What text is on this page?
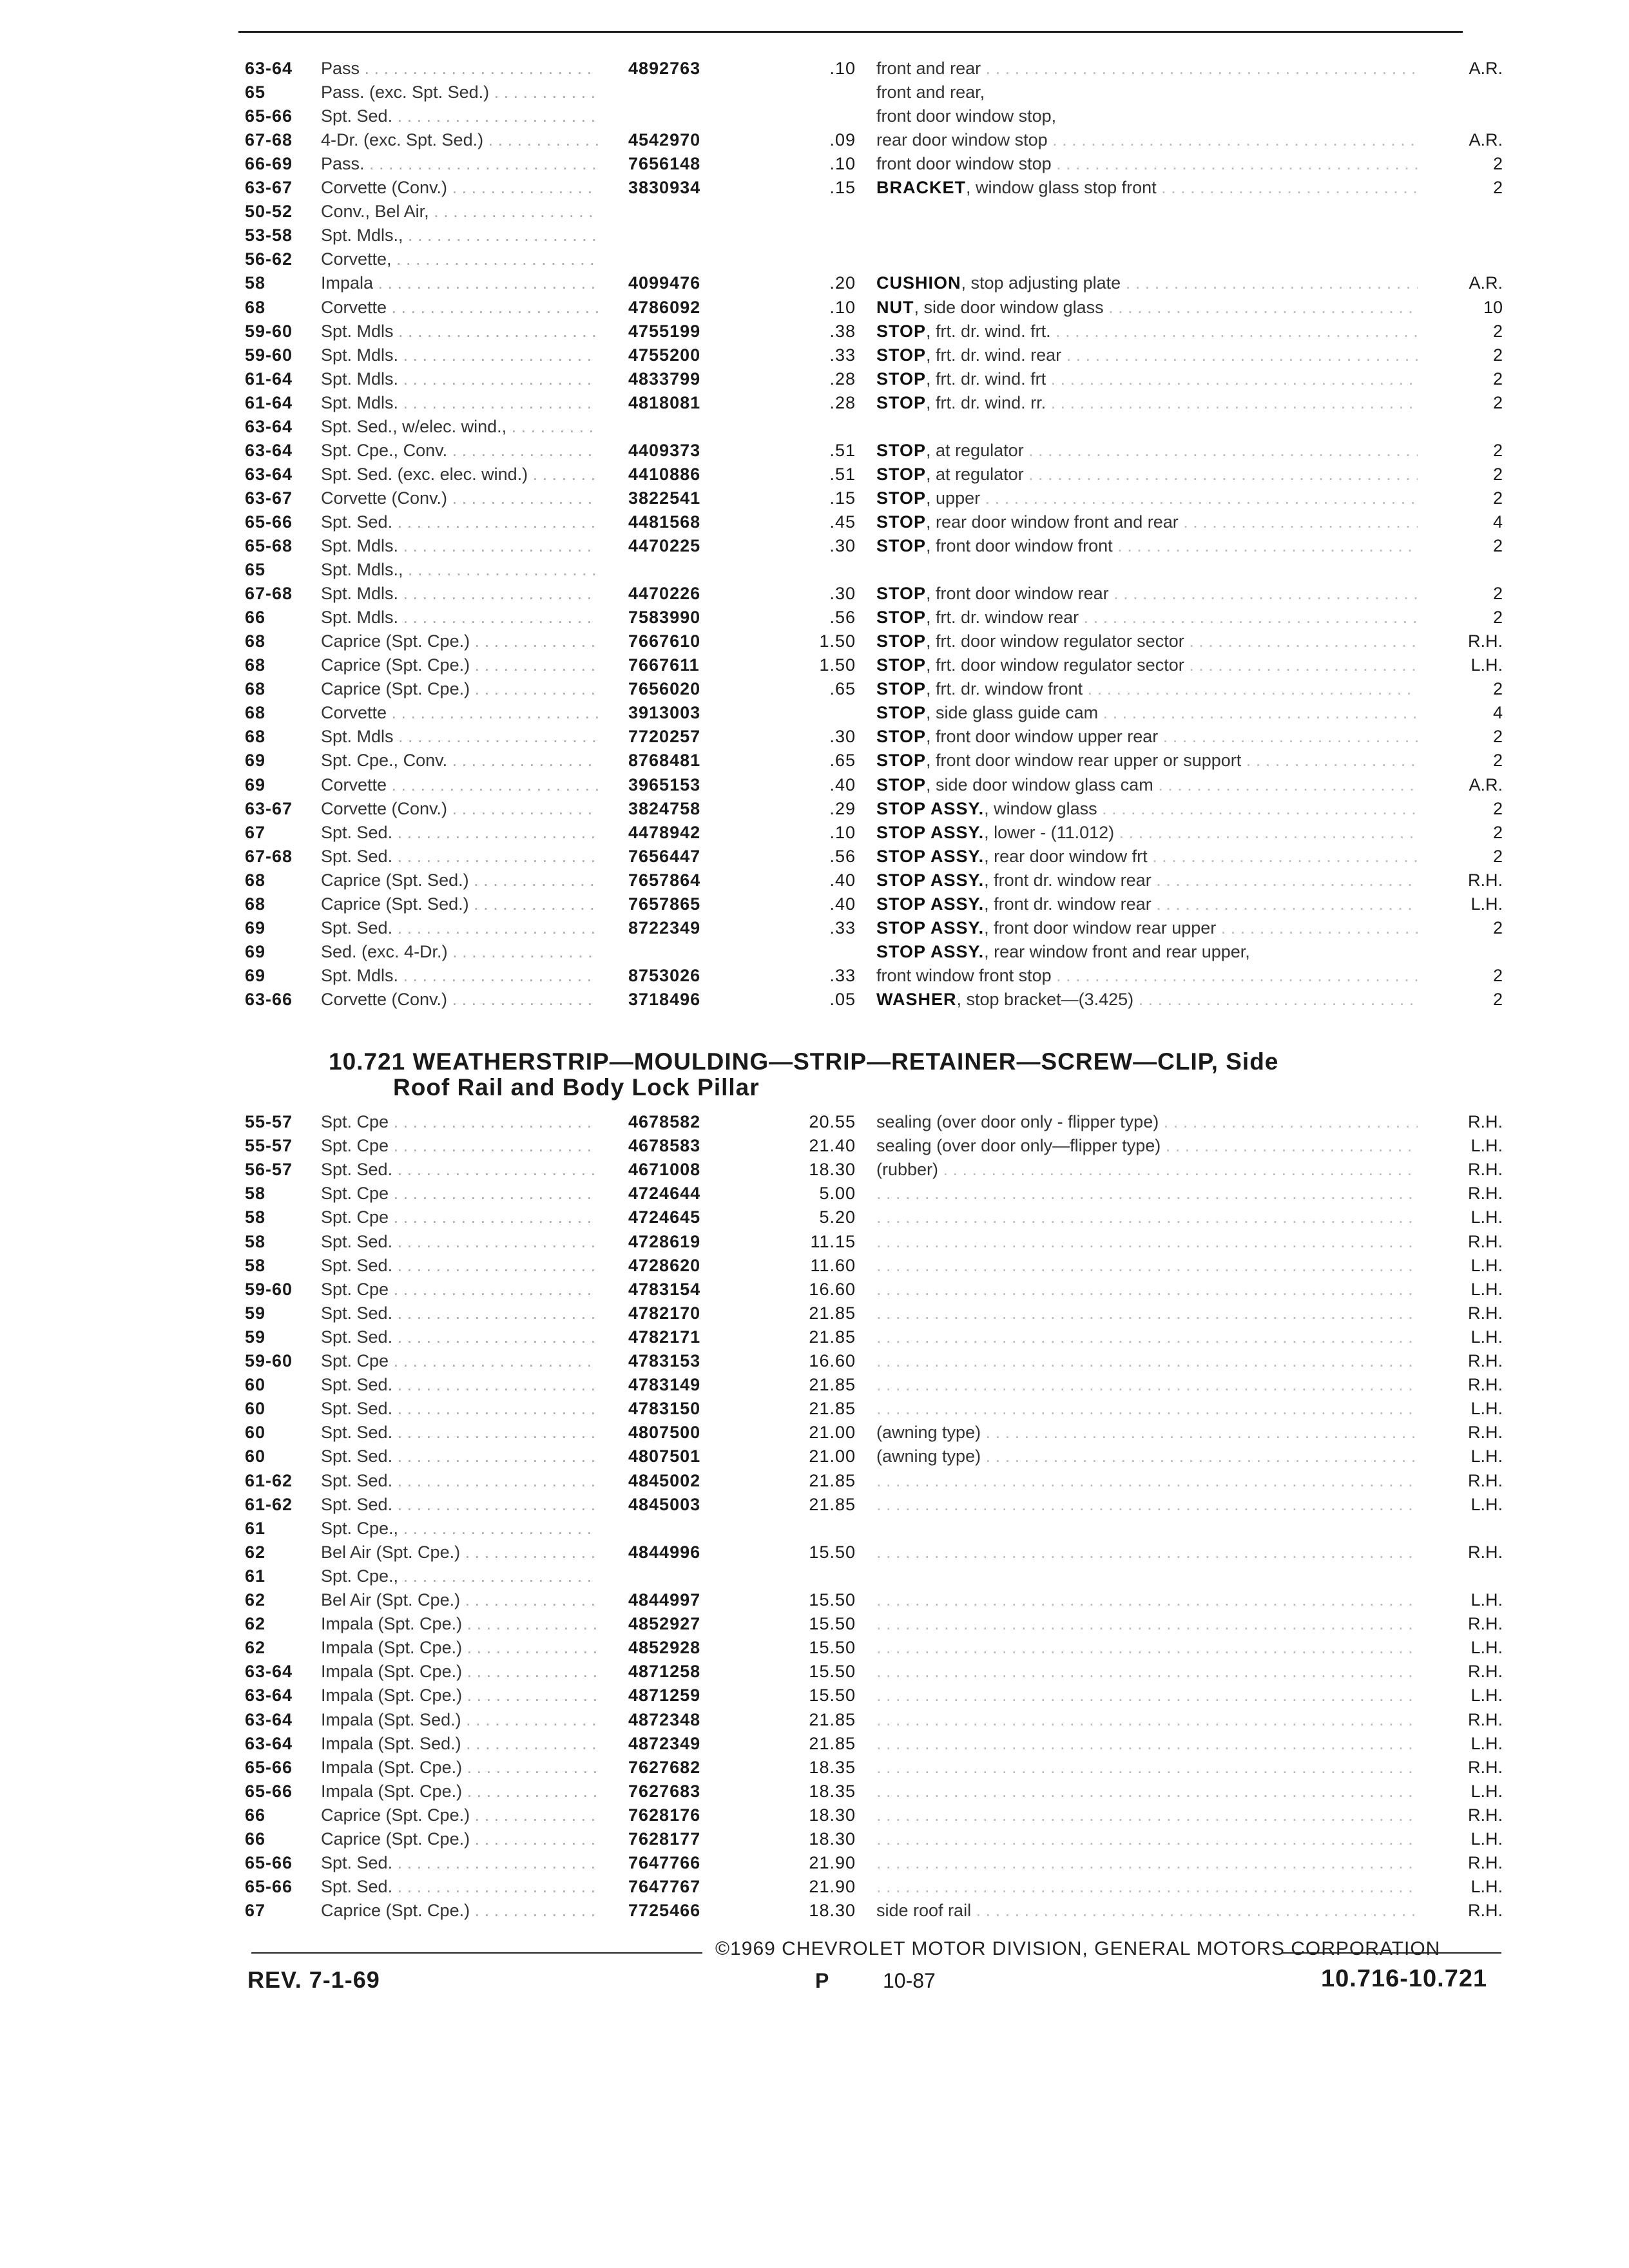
63-64 Pass . . .	4892763	.10 front and rear . . .	A.R.
65	Pass. (exc. Spt. Sed.) . . .	front and rear,
65-66 Spt. Sed. . . .	front door window stop,
67-68 4-Dr. (exc. Spt. Sed.) . . .	4542970	.09 rear door window stop . . .	A.R.
66-69 Pass. . . .	7656148	.10 front door window stop . . .	2
63-67 Corvette (Conv.) . . .	3830934	.15 BRACKET, window glass stop front . . .	2
50-52 Conv., Bel Air, . . .
53-58 Spt. Mdls., . . .
56-62 Corvette, . . .
58	Impala . . .	4099476	.20 CUSHION, stop adjusting plate . . .	A.R.
68	Corvette . . .	4786092	.10 NUT, side door window glass . . .	10
59-60 Spt. Mdls . . .	4755199	.38 STOP, frt. dr. wind. frt. . . .	2
59-60 Spt. Mdls. . . .	4755200	.33 STOP, frt. dr. wind. rear . . .	2
61-64 Spt. Mdls. . . .	4833799	.28 STOP, frt. dr. wind. frt . . .	2
61-64 Spt. Mdls. . . .	4818081	.28 STOP, frt. dr. wind. rr. . . .	2
63-64 Spt. Sed., w/elec. wind., . . .
63-64 Spt. Cpe., Conv. . . .	4409373	.51 STOP, at regulator . . .	2
63-64 Spt. Sed. (exc. elec. wind.) . . .	4410886	.51 STOP, at regulator . . .	2
63-67 Corvette (Conv.) . . .	3822541	.15 STOP, upper . . .	2
65-66 Spt. Sed. . . .	4481568	.45 STOP, rear door window front and rear . . .	4
65-68 Spt. Mdls. . . .	4470225	.30 STOP, front door window front . . .	2
65	Spt. Mdls., . . .
67-68 Spt. Mdls. . . .	4470226	.30 STOP, front door window rear . . .	2
66	Spt. Mdls. . . .	7583990	.56 STOP, frt. dr. window rear . . .	2
68	Caprice (Spt. Cpe.) . . .	7667610	1.50 STOP, frt. door window regulator sector . . .	R.H.
68	Caprice (Spt. Cpe.) . . .	7667611	1.50 STOP, frt. door window regulator sector . . .	L.H.
68	Caprice (Spt. Cpe.) . . .	7656020	.65 STOP, frt. dr. window front . . .	2
68	Corvette . . .	3913003	STOP, side glass guide cam . . .	4
68	Spt. Mdls . . .	7720257	.30 STOP, front door window upper rear . . .	2
69	Spt. Cpe., Conv. . . .	8768481	.65 STOP, front door window rear upper or support . . .	2
69	Corvette . . .	3965153	.40 STOP, side door window glass cam . . .	A.R.
63-67 Corvette (Conv.) . . .	3824758	.29 STOP ASSY., window glass . . .	2
67	Spt. Sed. . . .	4478942	.10 STOP ASSY., lower - (11.012) . . .	2
67-68 Spt. Sed. . . .	7656447	.56 STOP ASSY., rear door window frt . . .	2
68	Caprice (Spt. Sed.) . . .	7657864	.40 STOP ASSY., front dr. window rear . . .	R.H.
68	Caprice (Spt. Sed.) . . .	7657865	.40 STOP ASSY., front dr. window rear . . .	L.H.
69	Spt. Sed. . . .	8722349	.33 STOP ASSY., front door window rear upper . . .	2
69	Sed. (exc. 4-Dr.) . . .	STOP ASSY., rear window front and rear upper,
69	Spt. Mdls. . . .	8753026	.33 front window front stop . . .	2
63-66 Corvette (Conv.) . . .	3718496	.05 WASHER, stop bracket—(3.425) . . .	2
10.721 WEATHERSTRIP—MOULDING—STRIP—RETAINER—SCREW—CLIP, Side
Roof Rail and Body Lock Pillar
55-57 Spt. Cpe . . .	4678582	20.55 sealing (over door only - flipper type) . . .	R.H.
55-57 Spt. Cpe . . .	4678583	21.40 sealing (over door only—flipper type) . . .	L.H.
56-57 Spt. Sed. . . .	4671008	18.30 (rubber) . . .	R.H.
58	Spt. Cpe . . .	4724644	5.00 . . .	R.H.
58	Spt. Cpe . . .	4724645	5.20 . . .	L.H.
58	Spt. Sed. . . .	4728619	11.15 . . .	R.H.
58	Spt. Sed. . . .	4728620	11.60 . . .	L.H.
59-60 Spt. Cpe . . .	4783154	16.60 . . .	L.H.
59	Spt. Sed. . . .	4782170	21.85 . . .	R.H.
59	Spt. Sed. . . .	4782171	21.85 . . .	L.H.
59-60 Spt. Cpe . . .	4783153	16.60 . . .	R.H.
60	Spt. Sed. . . .	4783149	21.85 . . .	R.H.
60	Spt. Sed. . . .	4783150	21.85 . . .	L.H.
60	Spt. Sed. . . .	4807500	21.00 (awning type) . . .	R.H.
60	Spt. Sed. . . .	4807501	21.00 (awning type) . . .	L.H.
61-62 Spt. Sed. . . .	4845002	21.85 . . .	R.H.
61-62 Spt. Sed. . . .	4845003	21.85 . . .	L.H.
61	Spt. Cpe., . . .
62	Bel Air (Spt. Cpe.) . . .	4844996	15.50 . . .	R.H.
61	Spt. Cpe., . . .
62	Bel Air (Spt. Cpe.) . . .	4844997	15.50 . . .	L.H.
62	Impala (Spt. Cpe.) . . .	4852927	15.50 . . .	R.H.
62	Impala (Spt. Cpe.) . . .	4852928	15.50 . . .	L.H.
63-64 Impala (Spt. Cpe.) . . .	4871258	15.50 . . .	R.H.
63-64 Impala (Spt. Cpe.) . . .	4871259	15.50 . . .	L.H.
63-64 Impala (Spt. Sed.) . . .	4872348	21.85 . . .	R.H.
63-64 Impala (Spt. Sed.) . . .	4872349	21.85 . . .	L.H.
65-66 Impala (Spt. Cpe.) . . .	7627682	18.35 . . .	R.H.
65-66 Impala (Spt. Cpe.) . . .	7627683	18.35 . . .	L.H.
66	Caprice (Spt. Cpe.) . . .	7628176	18.30 . . .	R.H.
66	Caprice (Spt. Cpe.) . . .	7628177	18.30 . . .	L.H.
65-66 Spt. Sed. . . .	7647766	21.90 . . .	R.H.
65-66 Spt. Sed. . . .	7647767	21.90 . . .	L.H.
67	Caprice (Spt. Cpe.) . . .	7725466	18.30 side roof rail . . .	R.H.
©1969 CHEVROLET MOTOR DIVISION, GENERAL MOTORS CORPORATION
REV. 7-1-69	P	10-87	10.716-10.721
